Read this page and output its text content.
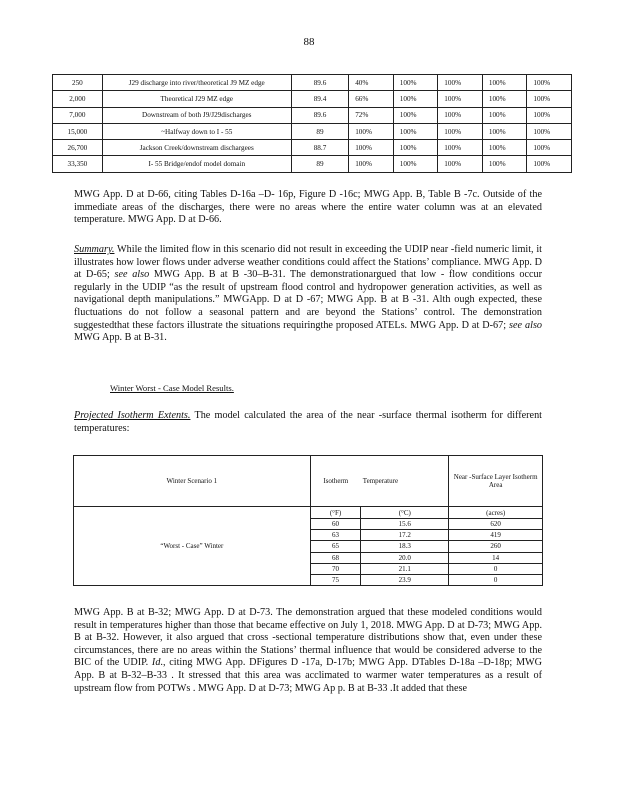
88
250	J29 discharge into river/theoretical J9 MZ edge	89.6	40%	100%	100%	100%	100%
2,000	Theoretical J29 MZ edge	89.4	66%	100%	100%	100%	100%
7,000	Downstream of both J9/J29discharges	89.6	72%	100%	100%	100%	100%
15,000	~Halfway down to I - 55	89	100%	100%	100%	100%	100%
26,700	Jackson Creek/downstream dischargees	88.7	100%	100%	100%	100%	100%
33,350	I- 55 Bridge/endof model domain	89	100%	100%	100%	100%	100%

MWG App. D at D-66, citing Tables D-16a –D- 16p, Figure D -16c; MWG App. B, Table B -7c. Outside of the immediate areas of the discharges, there were no areas where the entire water column was at an elevated temperature. MWG App. D at D-66.

Summary. While the limited flow in this scenario did not result in exceeding the UDIP near -field numeric limit, it illustrates how lower flows under adverse weather conditions could affect the Stations’ compliance. MWG App. D at D-65; see also MWG App. B at B -30–B-31. The demonstrationargued that low - flow conditions occur regularly in the UDIP “as the result of upstream flood control and hydropower generation activities, as well as navigational depth manipulations.” MWGApp. D at D -67; MWG App. B at B -31. Alth ough expected, these fluctuations do not follow a seasonal pattern and are beyond the Stations’ control. The demonstration suggestedthat these factors illustrate the situations requiringthe proposed ATELs. MWG App. D at D-67; see also MWG App. B at B-31.

Winter Worst - Case Model Results.

Projected Isotherm Extents. The model calculated the area of the near -surface thermal isotherm for different temperatures:

Winter Scenario 1	Isotherm	Temperature	Near -Surface Layer Isotherm Area
“Worst - Case” Winter	(°F)	(°C)	(acres)
	60	15.6	620
	63	17.2	419
	65	18.3	260
	68	20.0	14
	70	21.1	0
	75	23.9	0

MWG App. B at B-32; MWG App. D at D-73. The demonstration argued that these modeled conditions would result in temperatures higher than those that became effective on July 1, 2018. MWG App. D at D-73; MWG App. B at B-32. However, it also argued that cross -sectional temperature distributions show that, even under these circumstances, there are no areas within the Stations’ thermal influence that would be considered adverse to the BIC of the UDIP. Id., citing MWG App. DFigures D -17a, D-17b; MWG App. DTables D-18a –D-18p; MWG App. B at B-32–B-33 . It stressed that this area was acclimated to warmer water temperatures as a result of upstream flow from POTWs . MWG App. D at D-73; MWG Ap p. B at B-33 .It added that these
